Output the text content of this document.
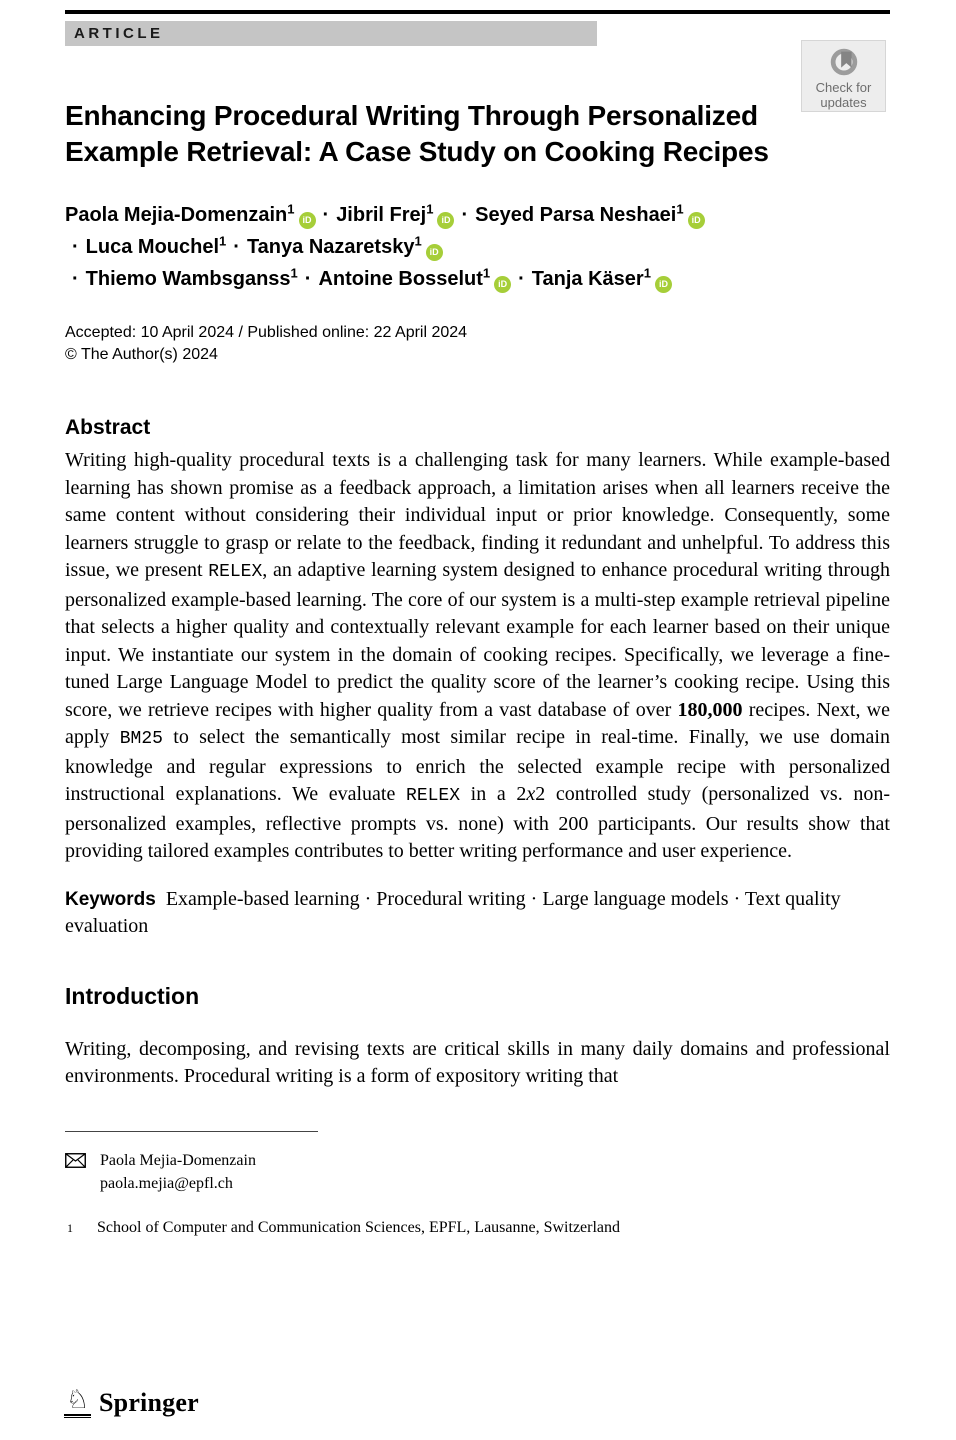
ARTICLE
Check for
updates
Enhancing Procedural Writing Through Personalized Example Retrieval: A Case Study on Cooking Recipes
Paola Mejia-Domenzain$^1$iD · Jibril Frej$^1$iD · Seyed Parsa Neshaei$^1$iD· Luca Mouchel$^1$ · Tanya Nazaretsky$^1$iD· Thiemo Wambsganss$^1$ · Antoine Bosselut$^1$iD · Tanja Käser$^1$iD
Accepted: 10 April 2024 / Published online: 22 April 2024
© The Author(s) 2024
Abstract

Writing high-quality procedural texts is a challenging task for many learners. While example-based learning has shown promise as a feedback approach, a limitation arises when all learners receive the same content without considering their individual input or prior knowledge. Consequently, some learners struggle to grasp or relate to the feedback, finding it redundant and unhelpful. To address this issue, we present RELEX, an adaptive learning system designed to enhance procedural writing through personalized example-based learning. The core of our system is a multi-step example retrieval pipeline that selects a higher quality and contextually relevant example for each learner based on their unique input. We instantiate our system in the domain of cooking recipes. Specifically, we leverage a fine-tuned Large Language Model to predict the quality score of the learner’s cooking recipe. Using this score, we retrieve recipes with higher quality from a vast database of over 180,000 recipes. Next, we apply BM25 to select the semantically most similar recipe in real-time. Finally, we use domain knowledge and regular expressions to enrich the selected example recipe with personalized instructional explanations. We evaluate RELEX in a 2x2 controlled study (personalized vs. non-personalized examples, reflective prompts vs. none) with 200 participants. Our results show that providing tailored examples contributes to better writing performance and user experience.

Keywords Example-based learning · Procedural writing · Large language models · Text quality evaluation

Introduction

Writing, decomposing, and revising texts are critical skills in many daily domains and professional environments. Procedural writing is a form of expository writing that

Paola Mejia-Domenzain
paola.mejia@epfl.ch
1 School of Computer and Communication Sciences, EPFL, Lausanne, Switzerland
♘ Springer
